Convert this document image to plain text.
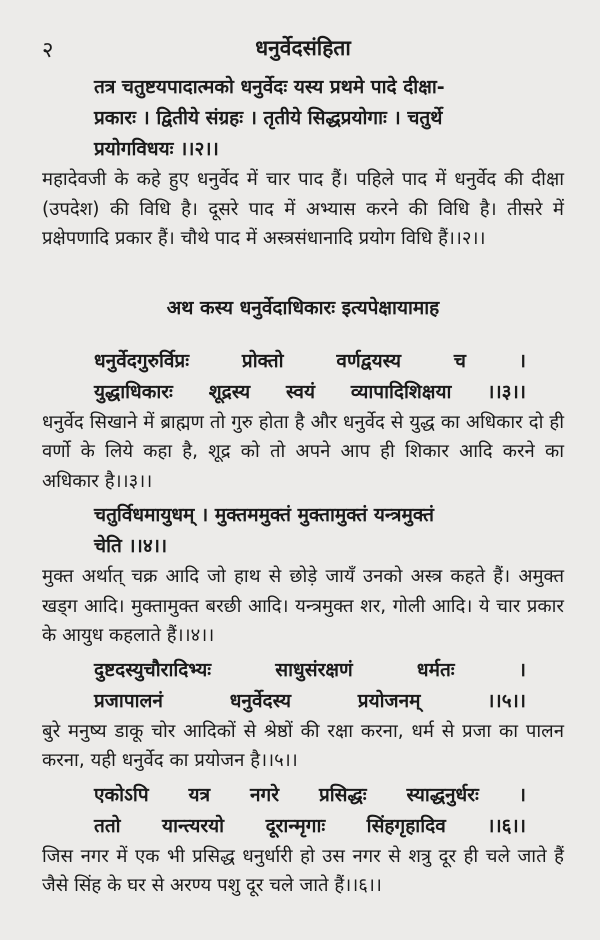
२	धनुर्वेदसंहिता
तत्र चतुष्टयपादात्मको धनुर्वेदः यस्य प्रथमे पादे दीक्षा-
प्रकारः । द्वितीये संग्रहः । तृतीये सिद्धप्रयोगाः । चतुर्थे
प्रयोगविधयः ।।२।।

महादेवजी के कहे हुए धनुर्वेद में चार पाद हैं। पहिले पाद में धनुर्वेद की दीक्षा (उपदेश) की विधि है। दूसरे पाद में अभ्यास करने की विधि है। तीसरे में प्रक्षेपणादि प्रकार हैं। चौथे पाद में अस्त्रसंधानादि प्रयोग विधि हैं।।२।।

अथ कस्य धनुर्वेदाधिकारः इत्यपेक्षायामाह
धनुर्वेदगुरुर्विप्रः	प्रोक्तो	वर्णद्वयस्य	च	।
युद्धाधिकारः शूद्रस्य स्वयं व्यापादिशिक्षया ।।३।।

धनुर्वेद सिखाने में ब्राह्मण तो गुरु होता है और धनुर्वेद से युद्ध का अधिकार दो ही वर्णो के लिये कहा है, शूद्र को तो अपने आप ही शिकार आदि करने का अधिकार है।।३।।

चतुर्विधमायुधम् । मुक्तममुक्तं मुक्तामुक्तं यन्त्रमुक्तं
चेति ।।४।।

मुक्त अर्थात् चक्र आदि जो हाथ से छोड़े जायँ उनको अस्त्र कहते हैं। अमुक्त खड्ग आदि। मुक्तामुक्त बरछी आदि। यन्त्रमुक्त शर, गोली आदि। ये चार प्रकार के आयुध कहलाते हैं।।४।।

दुष्टदस्युचौरादिभ्यः	साधुसंरक्षणं	धर्मतः	।
प्रजापालनं	धनुर्वेदस्य	प्रयोजनम्	।।५।।

बुरे मनुष्य डाकू चोर आदिकों से श्रेष्ठों की रक्षा करना, धर्म से प्रजा का पालन करना, यही धनुर्वेद का प्रयोजन है।।५।।

एकोऽपि यत्र नगरे प्रसिद्धः स्याद्धनुर्धरः ।
ततो यान्त्यरयो दूरान्मृगाः सिंहगृहादिव ।।६।।

जिस नगर में एक भी प्रसिद्ध धनुर्धारी हो उस नगर से शत्रु दूर ही चले जाते हैं जैसे सिंह के घर से अरण्य पशु दूर चले जाते हैं।।६।।
